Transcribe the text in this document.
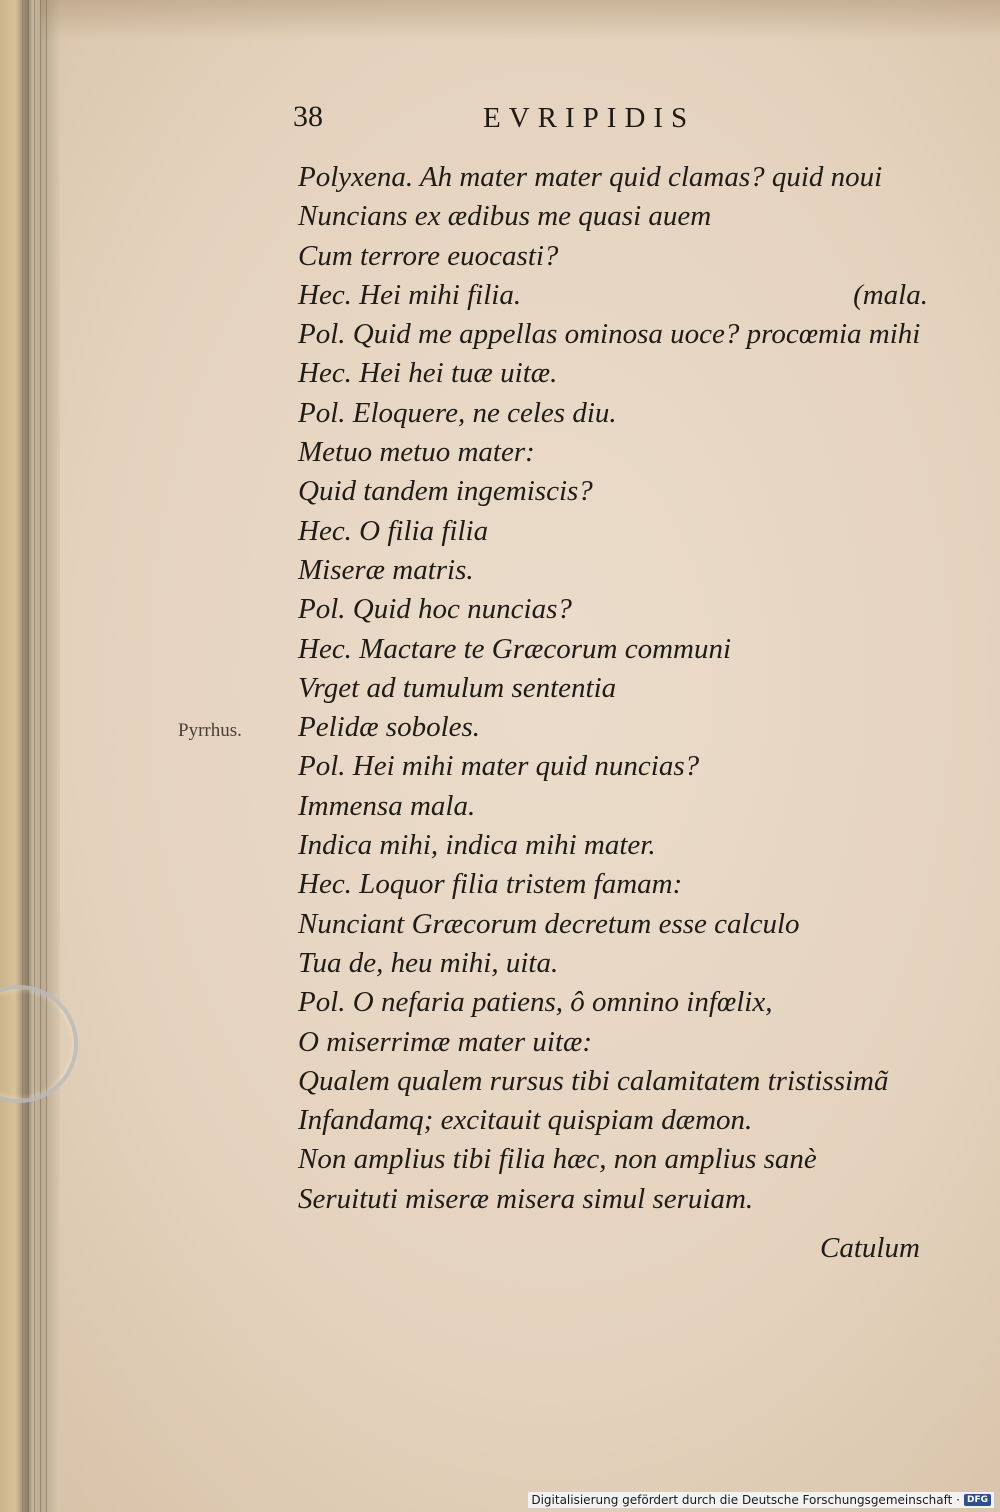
38	EVRIPIDIS
Pyrrhus.
Polyxena. Ah mater mater quid clamas? quid noui
Nuncians ex ædibus me quasi auem
Cum terrore euocasti?
Hec. Hei mihi filia.	(mala.
Pol. Quid me appellas ominosa uoce? procœmia mihi
Hec. Hei hei tuæ uitæ.
Pol. Eloquere, ne celes diu.
Metuo metuo mater:
Quid tandem ingemiscis?
Hec. O filia filia
Miseræ matris.
Pol. Quid hoc nuncias?
Hec. Mactare te Græcorum communi
Vrget ad tumulum sententia
Pelidæ soboles.
Pol. Hei mihi mater quid nuncias?
Immensa mala.
Indica mihi, indica mihi mater.
Hec. Loquor filia tristem famam:
Nunciant Græcorum decretum esse calculo
Tua de, heu mihi, uita.
Pol. O nefaria patiens, ô omnino infœlix,
O miserrimæ mater uitæ:
Qualem qualem rursus tibi calamitatem tristissimã
Infandamq; excitauit quispiam dæmon.
Non amplius tibi filia hæc, non amplius sanè
Seruituti miseræ misera simul seruiam.
Catulum
Digitalisierung gefördert durch die Deutsche Forschungsgemeinschaft · DFG
